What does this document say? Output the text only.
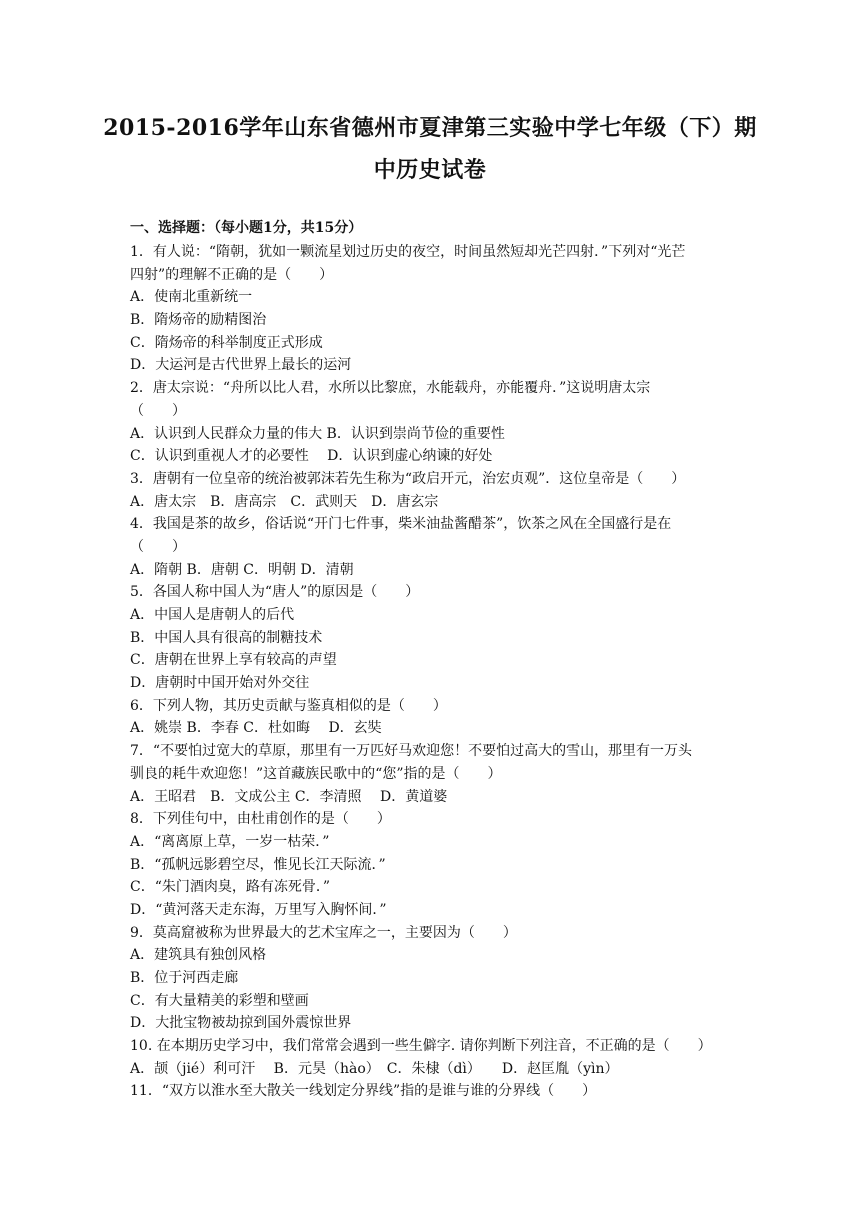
2015-2016学年山东省德州市夏津第三实验中学七年级（下）期
中历史试卷
一、选择题：（每小题1分，共15分）
1．有人说：“隋朝，犹如一颗流星划过历史的夜空，时间虽然短却光芒四射．”下列对“光芒
四射”的理解不正确的是（　　）
A．使南北重新统一
B．隋炀帝的励精图治
C．隋炀帝的科举制度正式形成
D．大运河是古代世界上最长的运河
2．唐太宗说：“舟所以比人君，水所以比黎庶，水能载舟，亦能覆舟．”这说明唐太宗
（　　）
A．认识到人民群众力量的伟大 B．认识到崇尚节俭的重要性
C．认识到重视人才的必要性　 D．认识到虚心纳谏的好处
3．唐朝有一位皇帝的统治被郭沫若先生称为“政启开元，治宏贞观”．这位皇帝是（　　）
A．唐太宗　B．唐高宗　C．武则天　D．唐玄宗
4．我国是茶的故乡，俗话说“开门七件事，柴米油盐酱醋茶”，饮茶之风在全国盛行是在
（　　）
A．隋朝 B．唐朝 C．明朝 D．清朝
5．各国人称中国人为“唐人”的原因是（　　）
A．中国人是唐朝人的后代
B．中国人具有很高的制糖技术
C．唐朝在世界上享有较高的声望
D．唐朝时中国开始对外交往
6．下列人物，其历史贡献与鉴真相似的是（　　）
A．姚崇 B．李春 C．杜如晦　 D．玄奘
7．“不要怕过宽大的草原，那里有一万匹好马欢迎您！不要怕过高大的雪山，那里有一万头
驯良的耗牛欢迎您！”这首藏族民歌中的“您”指的是（　　）
A．王昭君　B．文成公主 C．李清照　 D．黄道婆
8．下列佳句中，由杜甫创作的是（　　）
A．“离离原上草，一岁一枯荣．”
B．“孤帆远影碧空尽，惟见长江天际流．”
C．“朱门酒肉臭，路有冻死骨．”
D．“黄河落天走东海，万里写入胸怀间．”
9．莫高窟被称为世界最大的艺术宝库之一，主要因为（　　）
A．建筑具有独创风格
B．位于河西走廊
C．有大量精美的彩塑和壁画
D．大批宝物被劫掠到国外震惊世界
10. 在本期历史学习中，我们常常会遇到一些生僻字. 请你判断下列注音，不正确的是（　　）
A．颉（jié）利可汗　 B．元昊（hào）　C．朱棣（dì）　　D．赵匡胤（yìn）
11．“双方以淮水至大散关一线划定分界线”指的是谁与谁的分界线（　　）
